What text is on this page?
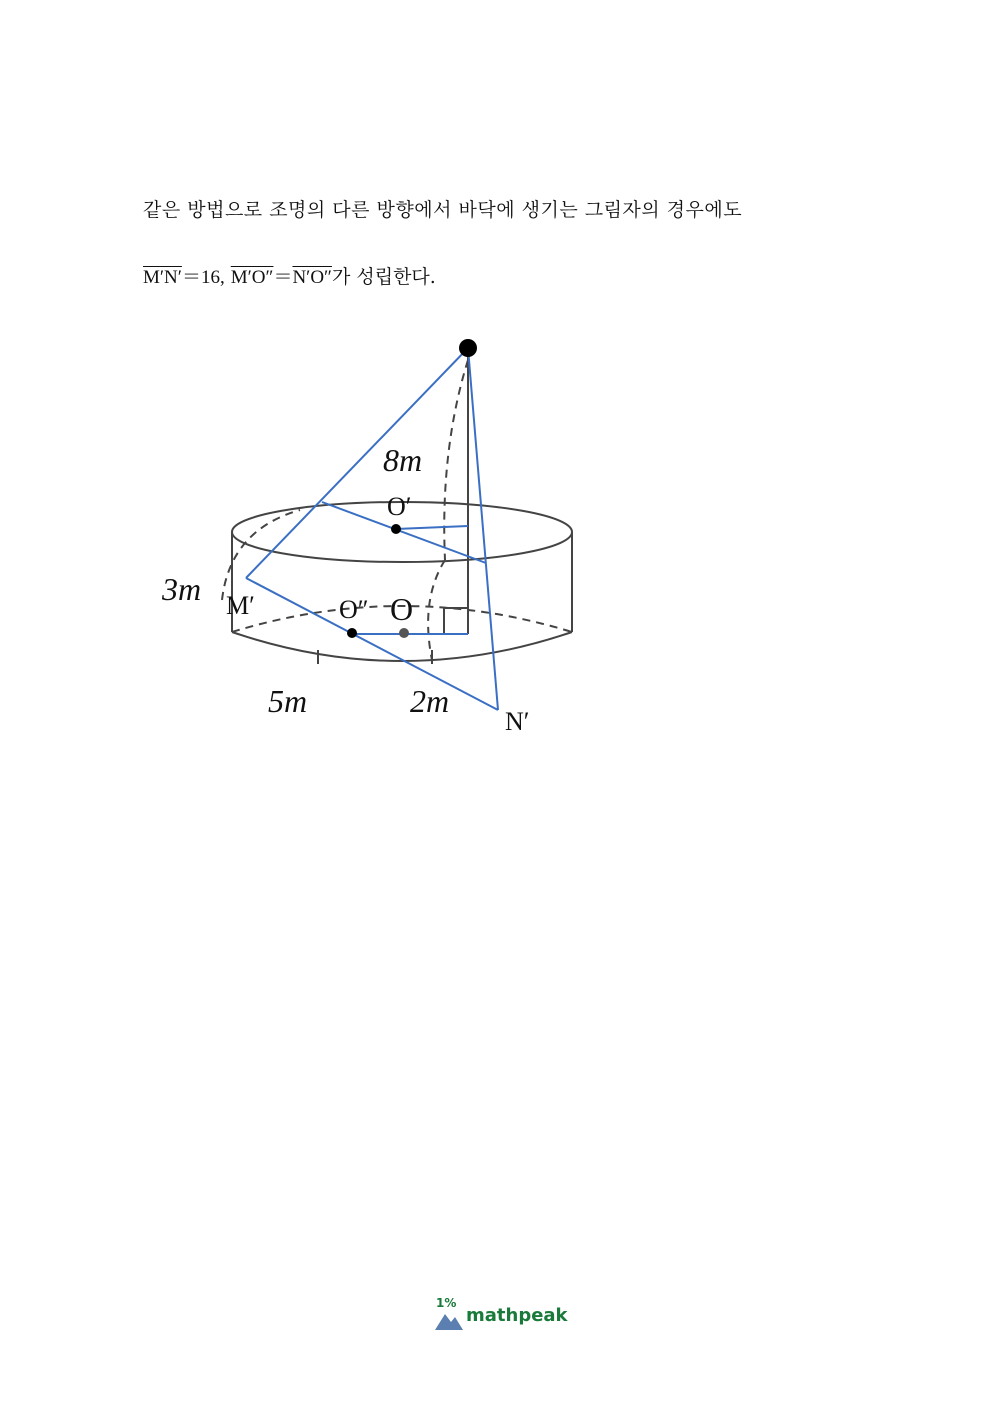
같은 방법으로 조명의 다른 방향에서 바닥에 생기는 그림자의 경우에도
M′N′＝16, M′O″＝N′O″가 성립한다.
8m
3m
5m	2m
O′
O″ O
M′
N′
1%
mathpeak
